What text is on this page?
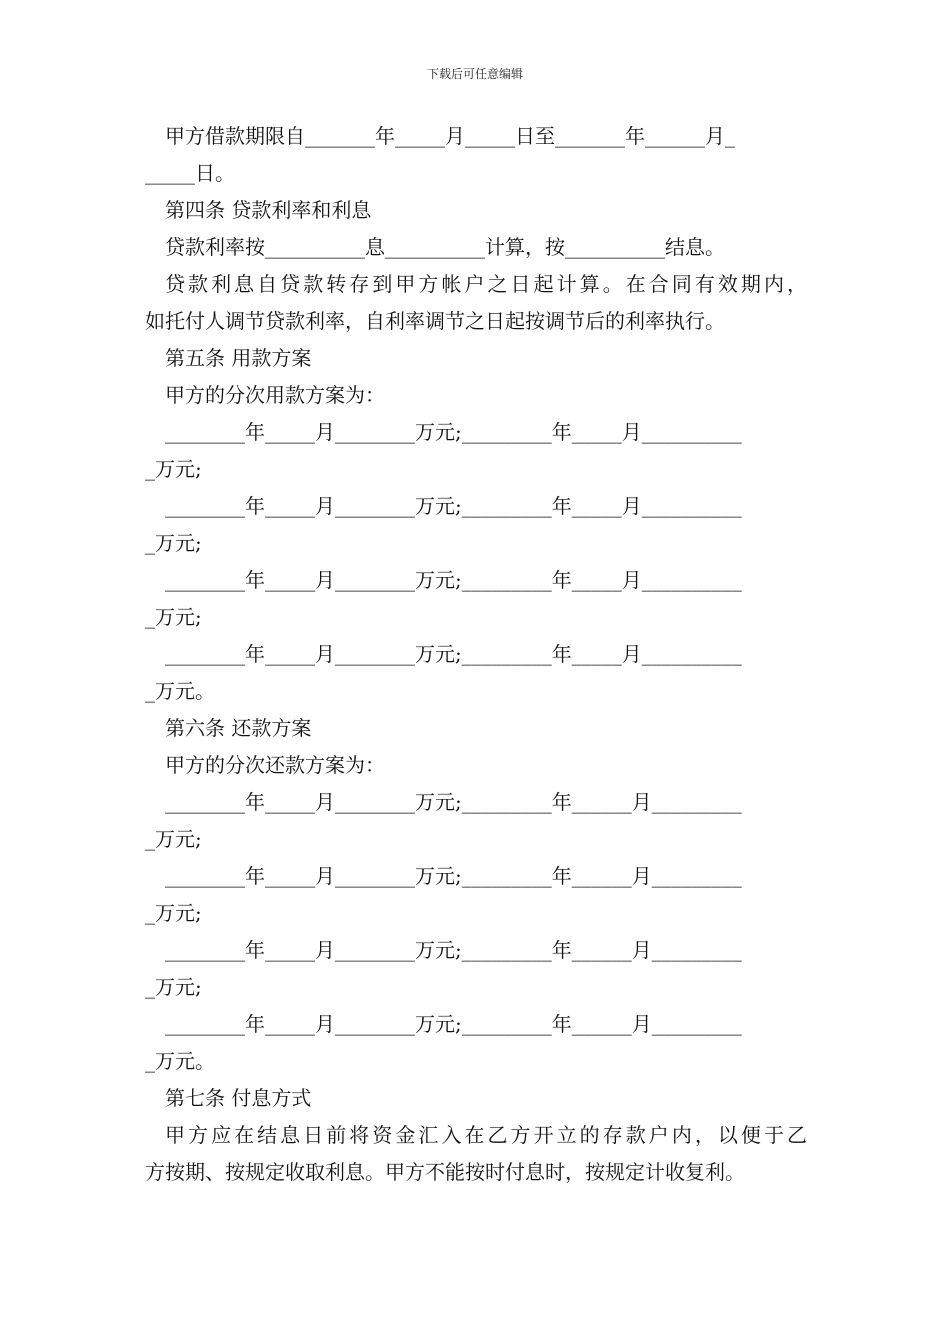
下载后可任意编辑
甲方借款期限自_______年_____月_____日至_______年______月_
_____日。
第四条 贷款利率和利息
贷款利率按__________息__________计算，按__________结息。
贷款利息自贷款转存到甲方帐户之日起计算。在合同有效期内，
如托付人调节贷款利率，自利率调节之日起按调节后的利率执行。
第五条 用款方案
甲方的分次用款方案为：
________年_____月________万元;_________年_____月__________
_万元;
________年_____月________万元;_________年_____月__________
_万元;
________年_____月________万元;_________年_____月__________
_万元;
________年_____月________万元;_________年_____月__________
_万元。
第六条 还款方案
甲方的分次还款方案为：
________年_____月________万元;_________年______月_________
_万元;
________年_____月________万元;_________年______月_________
_万元;
________年_____月________万元;_________年______月_________
_万元;
________年_____月________万元;_________年______月_________
_万元。
第七条 付息方式
甲方应在结息日前将资金汇入在乙方开立的存款户内，以便于乙
方按期、按规定收取利息。甲方不能按时付息时，按规定计收复利。
